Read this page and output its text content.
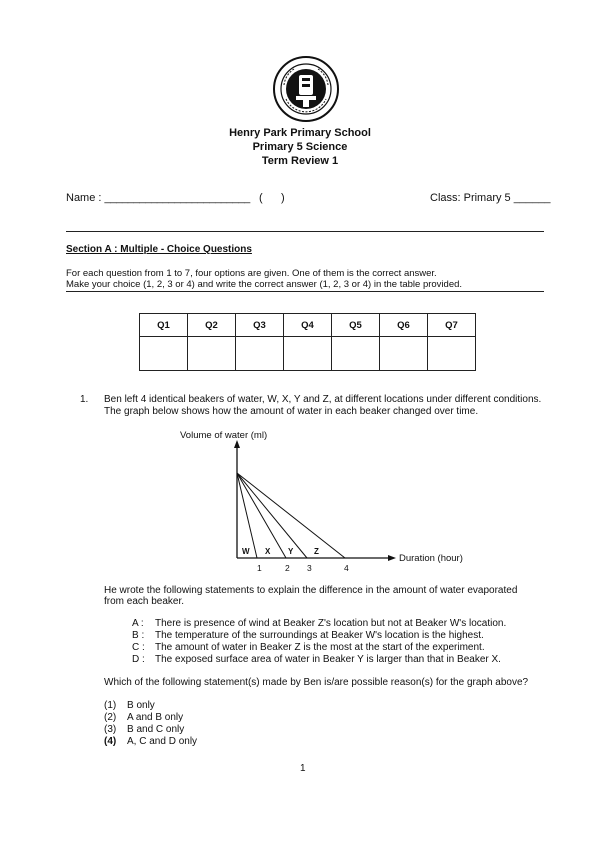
Henry Park Primary School
Primary 5 Science
Term Review 1
Name : _________________________ (      )	Class: Primary 5 ______
Section A : Multiple - Choice Questions
For each question from 1 to 7, four options are given. One of them is the correct answer.
Make your choice (1, 2, 3 or 4) and write the correct answer (1, 2, 3 or 4) in the table provided.
Q1	Q2	Q3	Q4	Q5	Q6	Q7

1. Ben left 4 identical beakers of water, W, X, Y and Z, at different locations under different conditions.
The graph below shows how the amount of water in each beaker changed over time.
Volume of water (ml)
W X Y	Z
1	2 3	4
Duration (hour)
He wrote the following statements to explain the difference in the amount of water evaporated
from each beaker.
A : There is presence of wind at Beaker Z's location but not at Beaker W's location.
B : The temperature of the surroundings at Beaker W's location is the highest.
C : The amount of water in Beaker Z is the most at the start of the experiment.
D : The exposed surface area of water in Beaker Y is larger than that in Beaker X.
Which of the following statement(s) made by Ben is/are possible reason(s) for the graph above?
(1) B only
(2) A and B only
(3) B and C only
(4) A, C and D only
1
